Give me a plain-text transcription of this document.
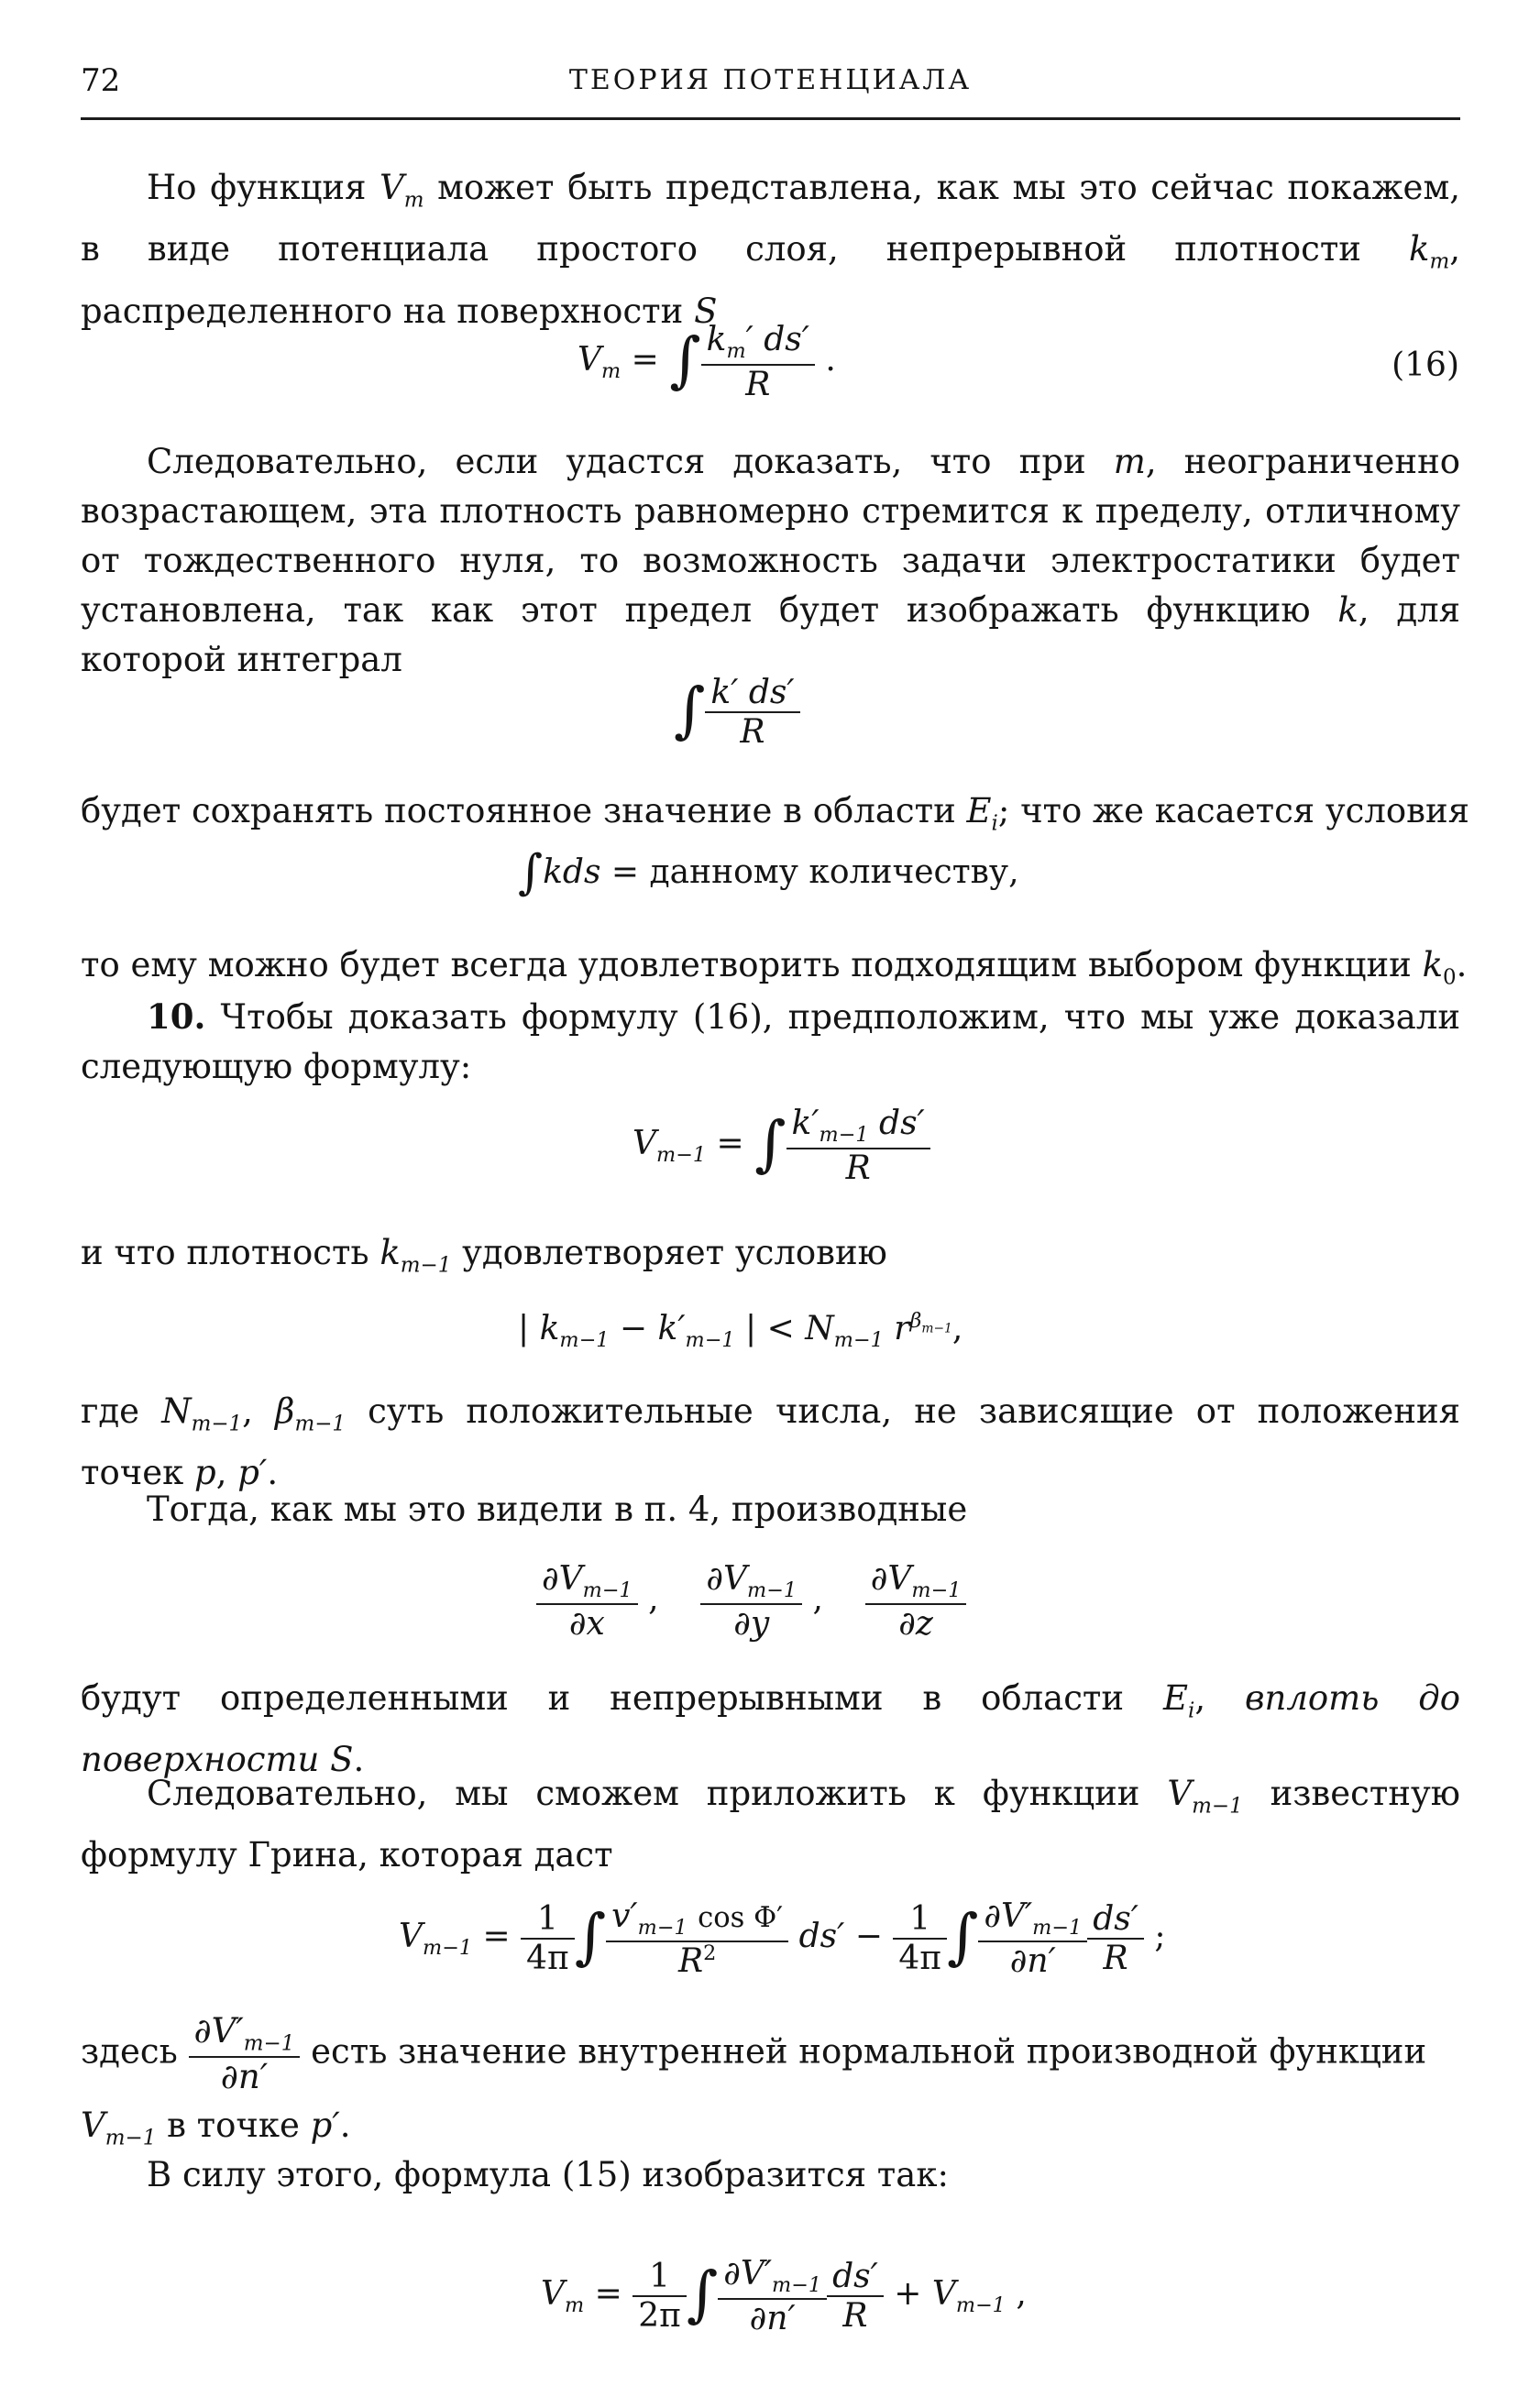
72	ТЕОРИЯ ПОТЕНЦИАЛА

Но функция $V_m$ может быть представлена, как мы это сейчас покажем, в виде потенциала простого слоя, непрерывной плотности $k_m$, распределенного на поверхности S

$V_m$ = ∫ $\frac{k_m' ds'}{R}$ .	(16)

Следовательно, если удастся доказать, что при m, неограниченно возрастающем, эта плотность равномерно стремится к пределу, отличному от тождественного нуля, то возможность задачи электростатики будет установлена, так как этот предел будет изображать функцию k, для которой интеграл

∫ $\frac{k' ds'}{R}$

будет сохранять постоянное значение в области $E_i$; что же касается условия

∫kds = данному количеству,

то ему можно будет всегда удовлетворить подходящим выбором функции $k_0$.

10. Чтобы доказать формулу (16), предположим, что мы уже доказали следующую формулу:

$V_{m-1}$ = ∫ $\frac{k'_{m-1} ds'}{R}$

и что плотность $k_{m-1}$ удовлетворяет условию

| $k_{m-1} - k'_{m-1}$ | < $N_{m-1}$ $r^{\beta_{m-1}}$,

где $N_{m-1}$, $\beta_{m-1}$ суть положительные числа, не зависящие от положения точек p, p′.

Тогда, как мы это видели в п. 4, производные

$\frac{\partial V_{m-1}}{\partial x}$ , $\frac{\partial V_{m-1}}{\partial y}$ , $\frac{\partial V_{m-1}}{\partial z}$

будут определенными и непрерывными в области $E_i$, вплоть до поверхности S.

Следовательно, мы сможем приложить к функции $V_{m-1}$ известную формулу Грина, которая даст

$V_{m-1} = \frac{1}{4\pi}$ ∫ $\frac{v'_{m-1} \cos \Phi'}{R^2} ds' - \frac{1}{4\pi}$ ∫ $\frac{\partial V'_{m-1}}{\partial n'} \frac{ds'}{R}$ ;
здесь $\frac{\partial V'_{m-1}}{\partial n'}$ есть значение внутренней нормальной производной функции

$V_{m-1}$ в точке p′.

В силу этого, формула (15) изобразится так:

$V_m = \frac{1}{2\pi}$ ∫ $\frac{\partial V'_{m-1}}{\partial n'} \frac{ds'}{R} + V_{m-1}$ ,
